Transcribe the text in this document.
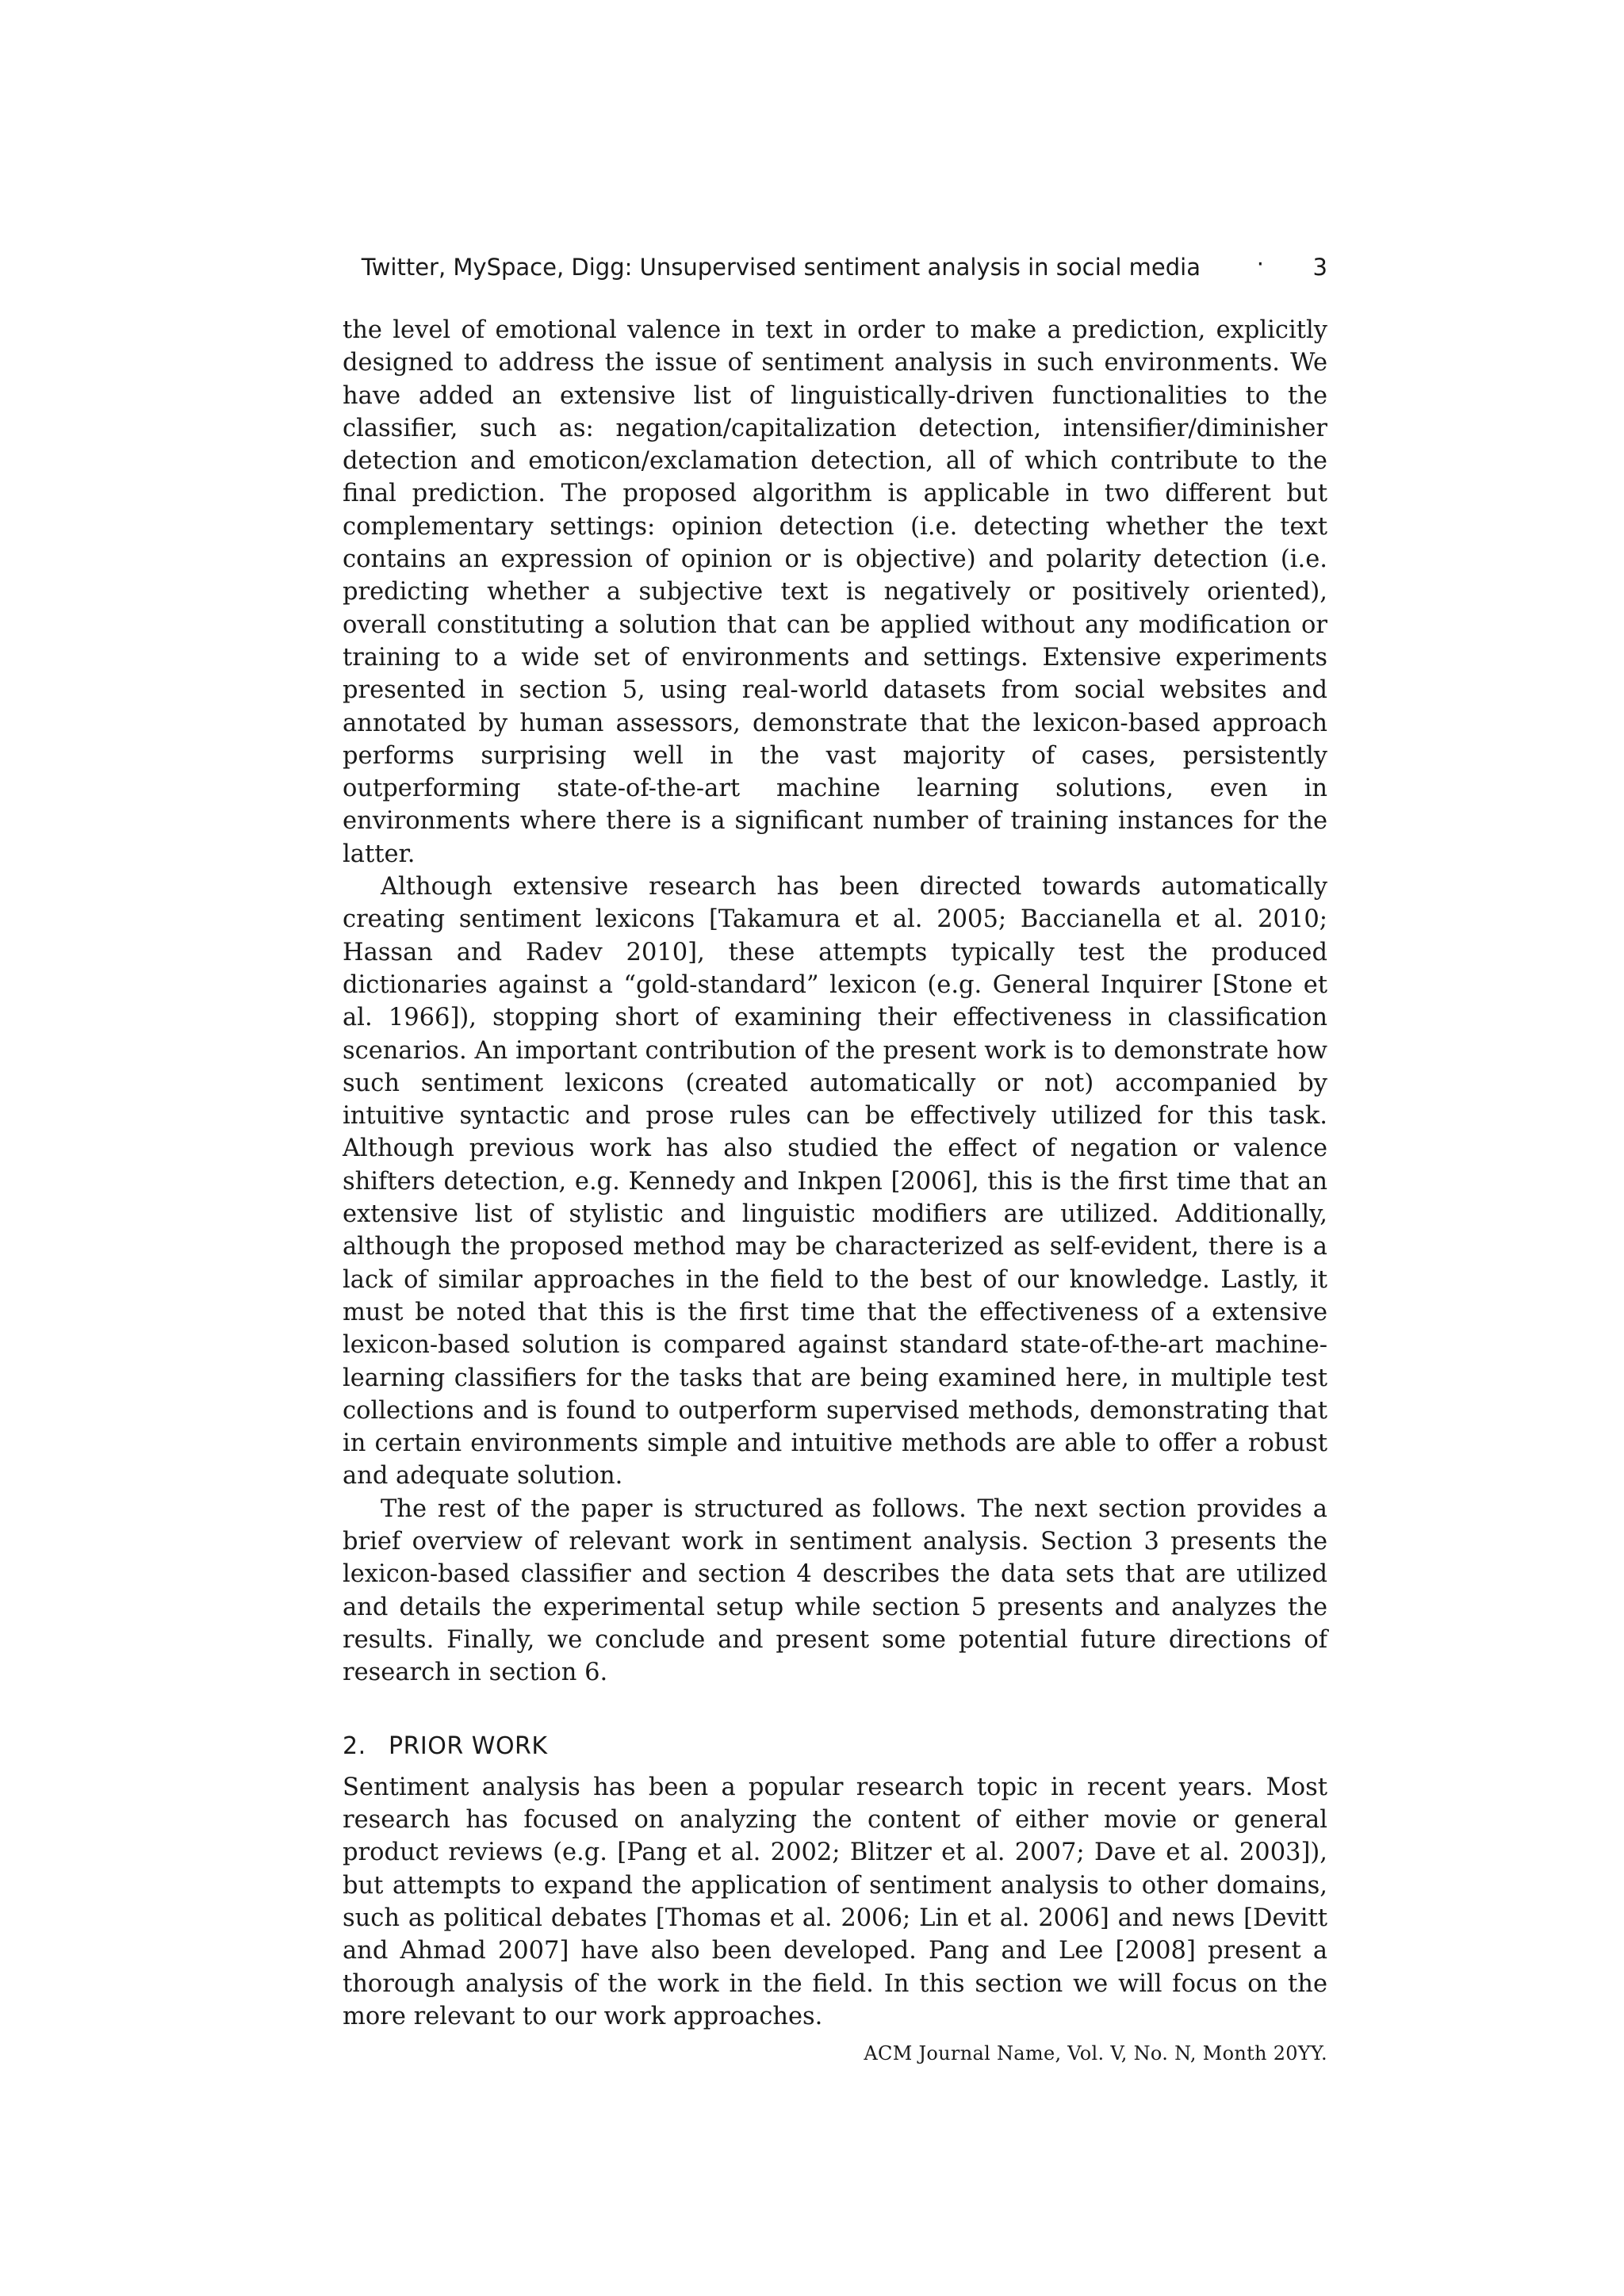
Twitter, MySpace, Digg: Unsupervised sentiment analysis in social media · 3

the level of emotional valence in text in order to make a prediction, explicitly designed to address the issue of sentiment analysis in such environments. We have added an extensive list of linguistically-driven functionalities to the classifier, such as: negation/capitalization detection, intensifier/diminisher detection and emoticon/exclamation detection, all of which contribute to the final prediction. The proposed algorithm is applicable in two different but complementary settings: opinion detection (i.e. detecting whether the text contains an expression of opinion or is objective) and polarity detection (i.e. predicting whether a subjective text is negatively or positively oriented), overall constituting a solution that can be applied without any modification or training to a wide set of environments and settings. Extensive experiments presented in section 5, using real-world datasets from social websites and annotated by human assessors, demonstrate that the lexicon-based approach performs surprising well in the vast majority of cases, persistently outperforming state-of-the-art machine learning solutions, even in environments where there is a significant number of training instances for the latter.

Although extensive research has been directed towards automatically creating sentiment lexicons [Takamura et al. 2005; Baccianella et al. 2010; Hassan and Radev 2010], these attempts typically test the produced dictionaries against a “gold-standard” lexicon (e.g. General Inquirer [Stone et al. 1966]), stopping short of examining their effectiveness in classification scenarios. An important contribution of the present work is to demonstrate how such sentiment lexicons (created automatically or not) accompanied by intuitive syntactic and prose rules can be effectively utilized for this task. Although previous work has also studied the effect of negation or valence shifters detection, e.g. Kennedy and Inkpen [2006], this is the first time that an extensive list of stylistic and linguistic modifiers are utilized. Additionally, although the proposed method may be characterized as self-evident, there is a lack of similar approaches in the field to the best of our knowledge. Lastly, it must be noted that this is the first time that the effectiveness of a extensive lexicon-based solution is compared against standard state-of-the-art machine-learning classifiers for the tasks that are being examined here, in multiple test collections and is found to outperform supervised methods, demonstrating that in certain environments simple and intuitive methods are able to offer a robust and adequate solution.

The rest of the paper is structured as follows. The next section provides a brief overview of relevant work in sentiment analysis. Section 3 presents the lexicon-based classifier and section 4 describes the data sets that are utilized and details the experimental setup while section 5 presents and analyzes the results. Finally, we conclude and present some potential future directions of research in section 6.

2. PRIOR WORK

Sentiment analysis has been a popular research topic in recent years. Most research has focused on analyzing the content of either movie or general product reviews (e.g. [Pang et al. 2002; Blitzer et al. 2007; Dave et al. 2003]), but attempts to expand the application of sentiment analysis to other domains, such as political debates [Thomas et al. 2006; Lin et al. 2006] and news [Devitt and Ahmad 2007] have also been developed. Pang and Lee [2008] present a thorough analysis of the work in the field. In this section we will focus on the more relevant to our work approaches.

ACM Journal Name, Vol. V, No. N, Month 20YY.
